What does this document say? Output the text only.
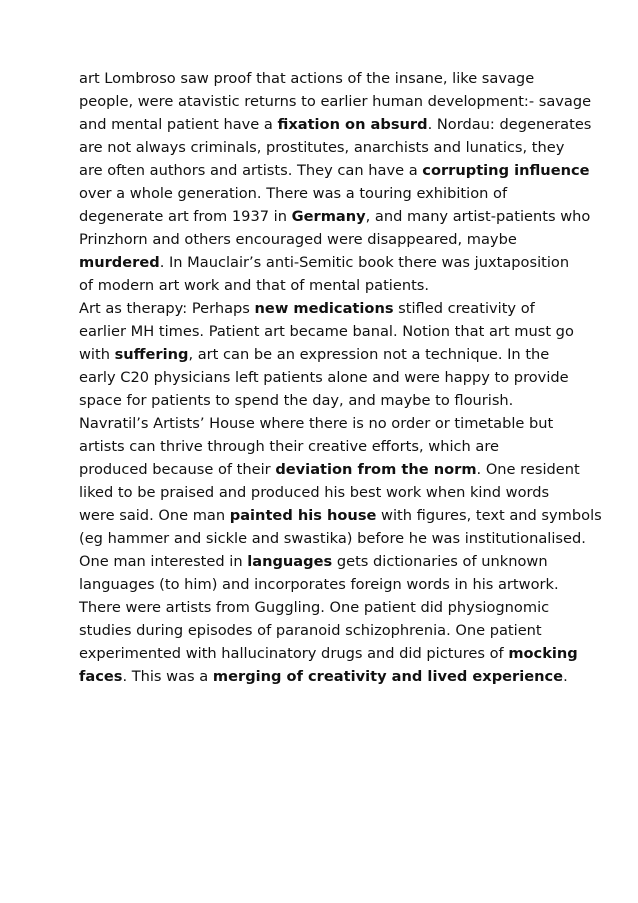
art Lombroso saw proof that actions of the insane, like savage
people, were atavistic returns to earlier human development:- savage
and mental patient have a fixation on absurd. Nordau: degenerates
are not always criminals, prostitutes, anarchists and lunatics, they
are often authors and artists. They can have a corrupting influence
over a whole generation. There was a touring exhibition of
degenerate art from 1937 in Germany, and many artist-patients who
Prinzhorn and others encouraged were disappeared, maybe
murdered. In Mauclair’s anti-Semitic book there was juxtaposition
of modern art work and that of mental patients.
Art as therapy: Perhaps new medications stifled creativity of
earlier MH times. Patient art became banal. Notion that art must go
with suffering, art can be an expression not a technique. In the
early C20 physicians left patients alone and were happy to provide
space for patients to spend the day, and maybe to flourish.
Navratil’s Artists’ House where there is no order or timetable but
artists can thrive through their creative efforts, which are
produced because of their deviation from the norm. One resident
liked to be praised and produced his best work when kind words
were said. One man painted his house with figures, text and symbols
(eg hammer and sickle and swastika) before he was institutionalised.
One man interested in languages gets dictionaries of unknown
languages (to him) and incorporates foreign words in his artwork.
There were artists from Guggling. One patient did physiognomic
studies during episodes of paranoid schizophrenia. One patient
experimented with hallucinatory drugs and did pictures of mocking
faces. This was a merging of creativity and lived experience.
